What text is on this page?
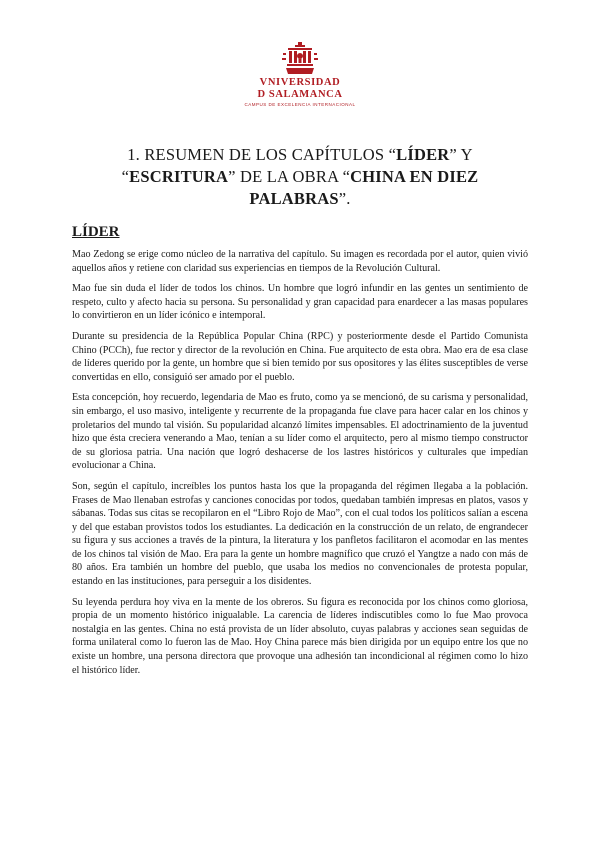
VNIVERSIDAD
D SALAMANCA
CAMPUS DE EXCELENCIA INTERNACIONAL
1. RESUMEN DE LOS CAPÍTULOS “LÍDER” Y “ESCRITURA” DE LA OBRA “CHINA EN DIEZ PALABRAS”.
LÍDER

Mao Zedong se erige como núcleo de la narrativa del capítulo. Su imagen es recordada por el autor, quien vivió aquellos años y retiene con claridad sus experiencias en tiempos de la Revolución Cultural.

Mao fue sin duda el líder de todos los chinos. Un hombre que logró infundir en las gentes un sentimiento de respeto, culto y afecto hacia su persona. Su personalidad y gran capacidad para enardecer a las masas populares lo convirtieron en un líder icónico e intemporal.

Durante su presidencia de la República Popular China (RPC) y posteriormente desde el Partido Comunista Chino (PCCh), fue rector y director de la revolución en China. Fue arquitecto de esta obra. Mao era de esa clase de líderes querido por la gente, un hombre que si bien temido por sus opositores y las élites susceptibles de verse convertidas en ello, consiguió ser amado por el pueblo.

Esta concepción, hoy recuerdo, legendaria de Mao es fruto, como ya se mencionó, de su carisma y personalidad, sin embargo, el uso masivo, inteligente y recurrente de la propaganda fue clave para hacer calar en los chinos y proletarios del mundo tal visión. Su popularidad alcanzó límites impensables. El adoctrinamiento de la juventud hizo que ésta creciera venerando a Mao, tenían a su líder como el arquitecto, pero al mismo tiempo constructor de su gloriosa patria. Una nación que logró deshacerse de los lastres históricos y culturales que impedían evolucionar a China.

Son, según el capítulo, increíbles los puntos hasta los que la propaganda del régimen llegaba a la población. Frases de Mao llenaban estrofas y canciones conocidas por todos, quedaban también impresas en platos, vasos y sábanas. Todas sus citas se recopilaron en el “Libro Rojo de Mao”, con el cual todos los políticos salían a escena y del que estaban provistos todos los estudiantes. La dedicación en la construcción de un relato, de engrandecer su figura y sus acciones a través de la pintura, la literatura y los panfletos facilitaron el acomodar en las mentes de los chinos tal visión de Mao. Era para la gente un hombre magnífico que cruzó el Yangtze a nado con más de 80 años. Era también un hombre del pueblo, que usaba los medios no convencionales de protesta popular, estando en las instituciones, para perseguir a los disidentes.

Su leyenda perdura hoy viva en la mente de los obreros. Su figura es reconocida por los chinos como gloriosa, propia de un momento histórico inigualable. La carencia de líderes indiscutibles como lo fue Mao provoca nostalgia en las gentes. China no está provista de un líder absoluto, cuyas palabras y acciones sean seguidas de forma unilateral como lo fueron las de Mao. Hoy China parece más bien dirigida por un equipo entre los que no existe un hombre, una persona directora que provoque una adhesión tan incondicional al régimen como lo hizo el histórico líder.
